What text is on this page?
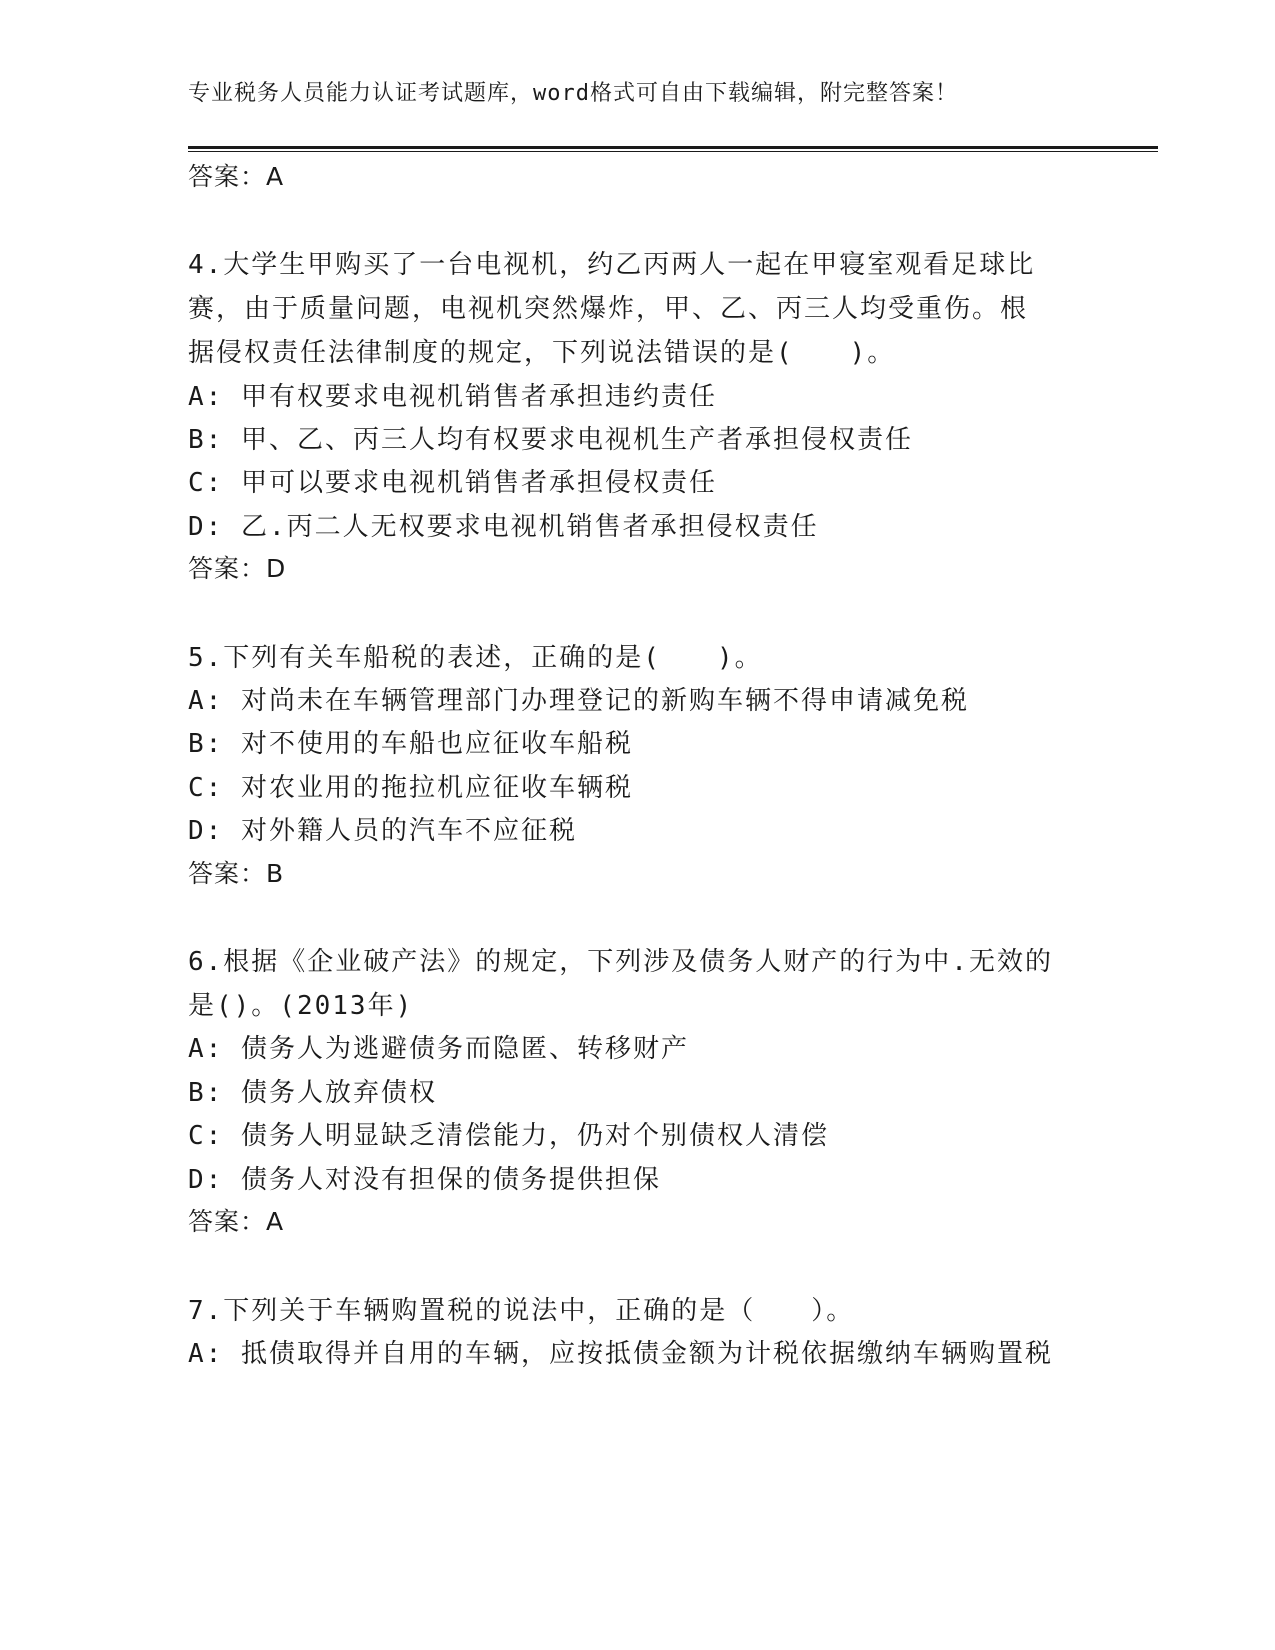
专业税务人员能力认证考试题库，word格式可自由下载编辑，附完整答案！
答案：A
4.大学生甲购买了一台电视机，约乙丙两人一起在甲寝室观看足球比
赛，由于质量问题，电视机突然爆炸，甲、乙、丙三人均受重伤。根
据侵权责任法律制度的规定，下列说法错误的是(　　)。
A: 甲有权要求电视机销售者承担违约责任
B: 甲、乙、丙三人均有权要求电视机生产者承担侵权责任
C: 甲可以要求电视机销售者承担侵权责任
D: 乙.丙二人无权要求电视机销售者承担侵权责任
答案：D
5.下列有关车船税的表述，正确的是(　　)。
A: 对尚未在车辆管理部门办理登记的新购车辆不得申请减免税
B: 对不使用的车船也应征收车船税
C: 对农业用的拖拉机应征收车辆税
D: 对外籍人员的汽车不应征税
答案：B
6.根据《企业破产法》的规定，下列涉及债务人财产的行为中.无效的
是()。(2013年)
A: 债务人为逃避债务而隐匿、转移财产
B: 债务人放弃债权
C: 债务人明显缺乏清偿能力，仍对个别债权人清偿
D: 债务人对没有担保的债务提供担保
答案：A
7.下列关于车辆购置税的说法中，正确的是（　　）。
A: 抵债取得并自用的车辆，应按抵债金额为计税依据缴纳车辆购置税
